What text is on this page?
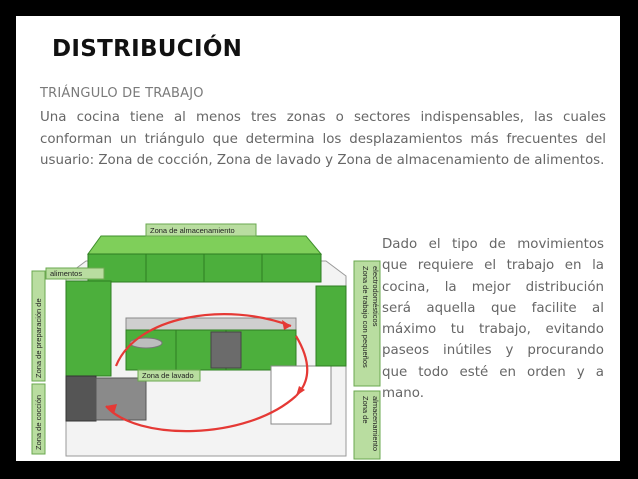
DISTRIBUCIÓN
TRIÁNGULO DE TRABAJO
Una cocina tiene al menos tres zonas o sectores indispensables, las cuales conforman un triángulo que determina los desplazamientos más frecuentes del usuario: Zona de cocción, Zona de lavado y Zona de almacenamiento de alimentos.
Zona de almacenamiento
alimentos
Zona de preparación de
Zona de cocción
Zona de lavado
Zona de trabajo con pequeños electrodomésticos
Zona de almacenamiento
Dado el tipo de movimientos que requiere el trabajo en la cocina, la mejor distribución será aquella que facilite al máximo tu trabajo, evitando paseos inútiles y procurando que todo esté en orden y a mano.
